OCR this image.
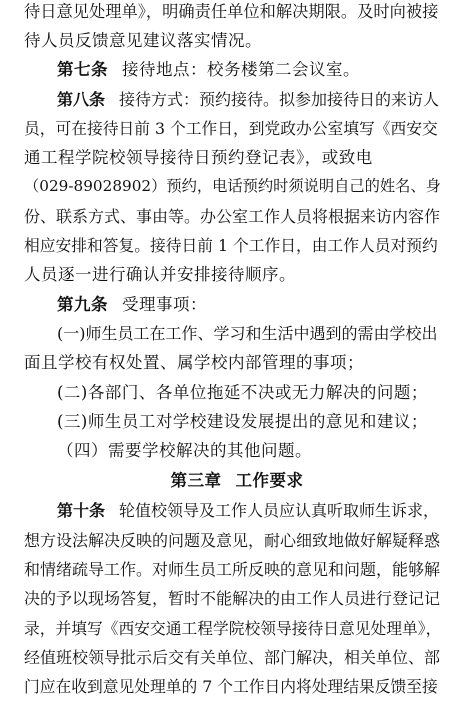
待日意见处理单》，明确责任单位和解决期限。及时向被接
待人员反馈意见建议落实情况。
第七条 接待地点：校务楼第二会议室。
第八条 接待方式：预约接待。拟参加接待日的来访人
员，可在接待日前 3 个工作日，到党政办公室填写《西安交
通工程学院校领导接待日预约登记表》，或致电
（029-89028902）预约，电话预约时须说明自己的姓名、身
份、联系方式、事由等。办公室工作人员将根据来访内容作
相应安排和答复。接待日前 1 个工作日，由工作人员对预约
人员逐一进行确认并安排接待顺序。
第九条 受理事项：
(一)师生员工在工作、学习和生活中遇到的需由学校出
面且学校有权处置、属学校内部管理的事项；
(二)各部门、各单位拖延不决或无力解决的问题；
(三)师生员工对学校建设发展提出的意见和建议；
（四）需要学校解决的其他问题。
第三章 工作要求
第十条 轮值校领导及工作人员应认真听取师生诉求，
想方设法解决反映的问题及意见，耐心细致地做好解疑释惑
和情绪疏导工作。对师生员工所反映的意见和问题，能够解
决的予以现场答复，暂时不能解决的由工作人员进行登记记
录，并填写《西安交通工程学院校领导接待日意见处理单》，
经值班校领导批示后交有关单位、部门解决，相关单位、部
门应在收到意见处理单的 7 个工作日内将处理结果反馈至接
